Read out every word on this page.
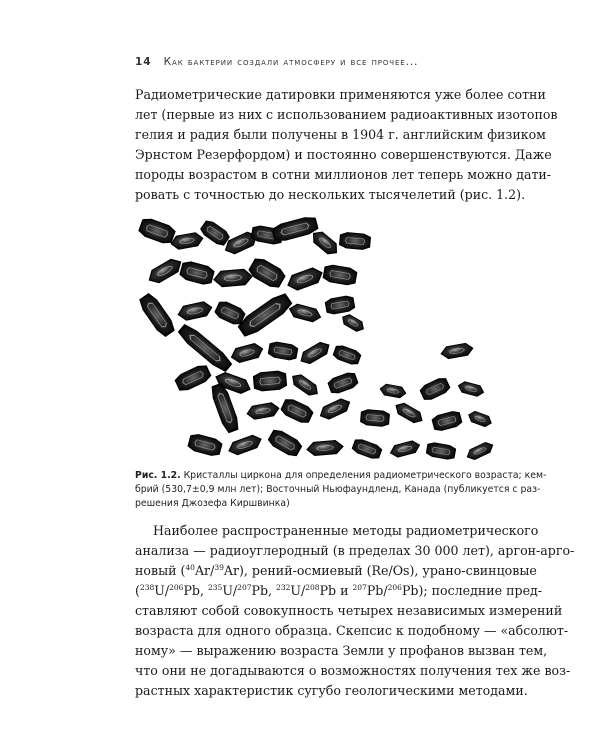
14 Как бактерии создали атмосферу и все прочее...

Радиометрические датировки применяются уже более сотни
лет (первые из них с использованием радиоактивных изотопов
гелия и радия были получены в 1904 г. английским физиком
Эрнстом Резерфордом) и постоянно совершенствуются. Даже
породы возрастом в сотни миллионов лет теперь можно дати-
ровать с точностью до нескольких тысячелетий (рис. 1.2).

Рис. 1.2. Кристаллы циркона для определения радиометрического возраста; кем-
брий (530,7±0,9 млн лет); Восточный Ньюфаундленд, Канада (публикуется с раз-
решения Джозефа Киршвинка)

Наиболее распространенные методы радиометрического
анализа — радиоуглеродный (в пределах 30 000 лет), аргон-арго-
новый ($^{40}$Ar/$^{39}$Ar), рений-осмиевый (Re/Os), урано-свинцовые
($^{238}$U/$^{206}$Pb, $^{235}$U/$^{207}$Pb, $^{232}$U/$^{208}$Pb и $^{207}$Pb/$^{206}$Pb); последние пред-
ставляют собой совокупность четырех независимых измерений
возраста для одного образца. Скепсис к подобному — «абсолют-
ному» — выражению возраста Земли у профанов вызван тем,
что они не догадываются о возможностях получения тех же воз-
растных характеристик сугубо геологическими методами.
